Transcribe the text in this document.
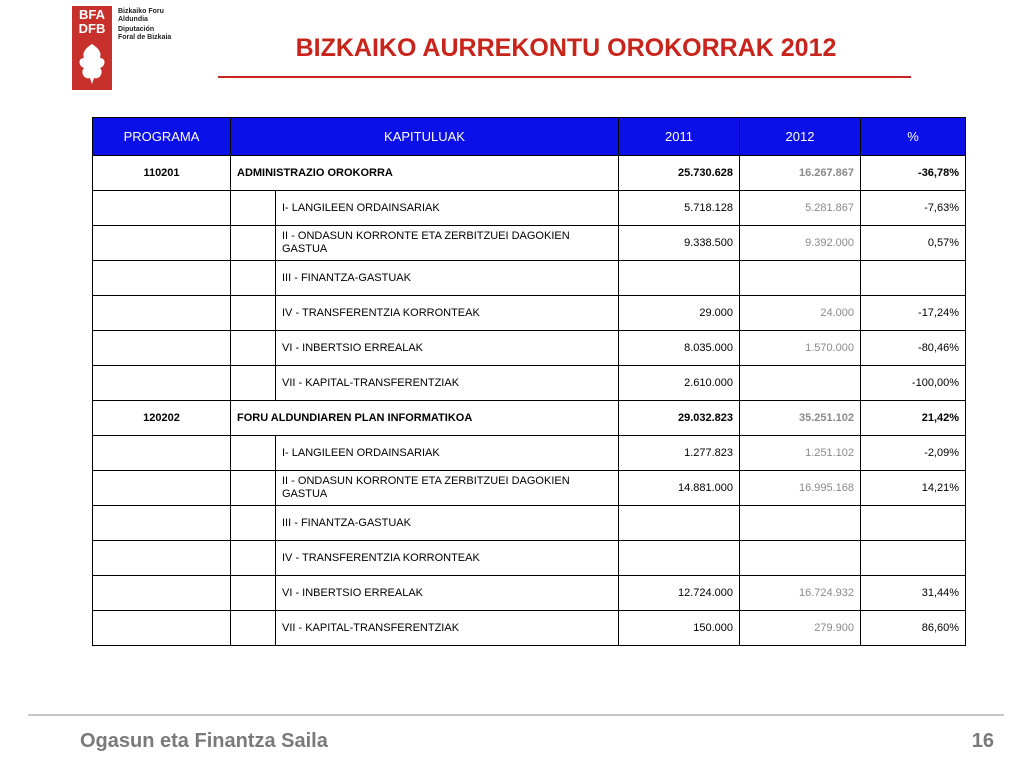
BFA
DFB
Bizkaiko Foru
Aldundia
Diputación
Foral de Bizkaia	BIZKAIKO AURREKONTU OROKORRAK 2012
PROGRAMA	KAPITULUAK		2011	2012	%
110201	ADMINISTRAZIO OROKORRA		25.730.628	16.267.867	-36,78%
		I- LANGILEEN ORDAINSARIAK	5.718.128	5.281.867	-7,63%
		II - ONDASUN KORRONTE ETA ZERBITZUEI DAGOKIEN GASTUA	9.338.500	9.392.000	0,57%
		III - FINANTZA-GASTUAK			
		IV - TRANSFERENTZIA KORRONTEAK	29.000	24.000	-17,24%
		VI - INBERTSIO ERREALAK	8.035.000	1.570.000	-80,46%
		VII - KAPITAL-TRANSFERENTZIAK	2.610.000		-100,00%
120202	FORU ALDUNDIAREN PLAN INFORMATIKOA		29.032.823	35.251.102	21,42%
		I- LANGILEEN ORDAINSARIAK	1.277.823	1.251.102	-2,09%
		II - ONDASUN KORRONTE ETA ZERBITZUEI DAGOKIEN GASTUA	14.881.000	16.995.168	14,21%
		III - FINANTZA-GASTUAK			
		IV - TRANSFERENTZIA KORRONTEAK			
		VI - INBERTSIO ERREALAK	12.724.000	16.724.932	31,44%
		VII - KAPITAL-TRANSFERENTZIAK	150.000	279.900	86,60%
Ogasun eta Finantza Saila	16
